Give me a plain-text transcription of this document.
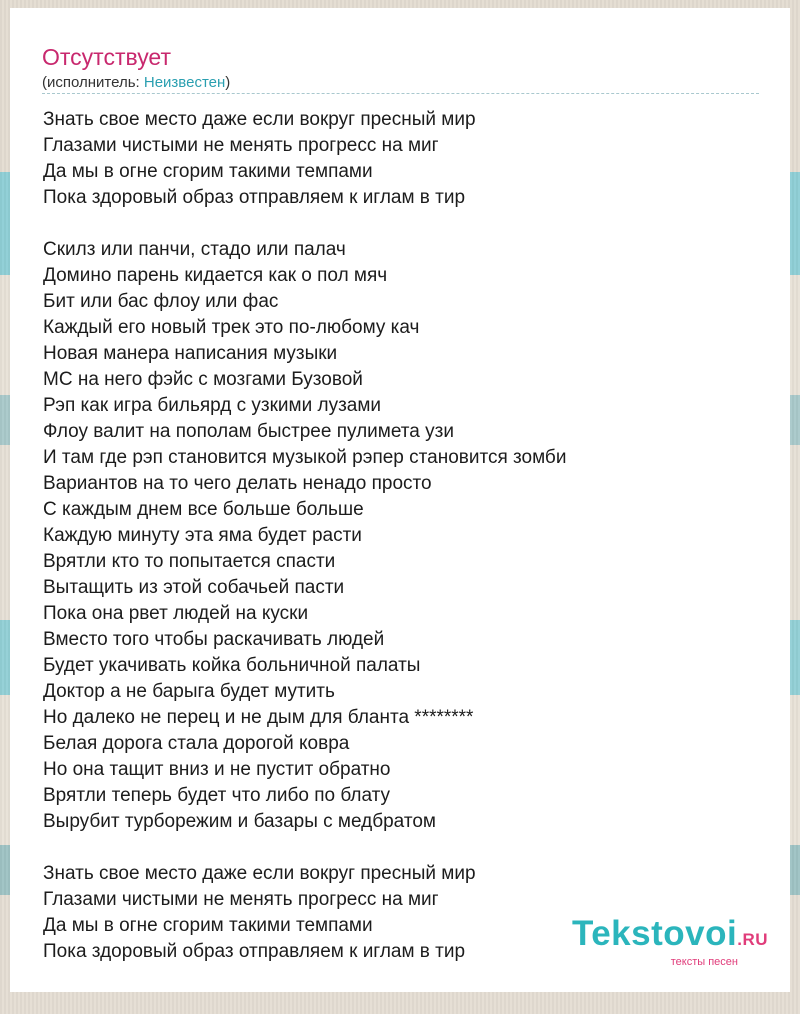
Отсутствует
(исполнитель: Неизвестен)
Знать свое место даже если вокруг пресный мир
Глазами чистыми не менять прогресс на миг
Да мы в огне сгорим такими темпами
Пока здоровый образ отправляем к иглам в тир
Скилз или панчи, стадо или палач
Домино парень кидается как о пол мяч
Бит или бас флоу или фас
Каждый его новый трек это по-любому кач
Новая манера написания музыки
МС на него фэйс с мозгами Бузовой
Рэп как игра бильярд с узкими лузами
Флоу валит на пополам быстрее пулимета узи
И там где рэп становится музыкой рэпер становится зомби
Вариантов на то чего делать ненадо просто
С каждым днем все больше больше
Каждую минуту эта яма будет расти
Врятли кто то попытается спасти
Вытащить из этой собачьей пасти
Пока она рвет людей на куски
Вместо того чтобы раскачивать людей
Будет укачивать койка больничной палаты
Доктор а не барыга будет мутить
Но далеко не перец и не дым для бланта ********
Белая дорога стала дорогой ковра
Но она тащит вниз и не пустит обратно
Врятли теперь будет что либо по блату
Вырубит турборежим и базары с медбратом
Знать свое место даже если вокруг пресный мир
Глазами чистыми не менять прогресс на миг
Да мы в огне сгорим такими темпами
Пока здоровый образ отправляем к иглам в тир	Tekstovoi.RU
тексты песен
